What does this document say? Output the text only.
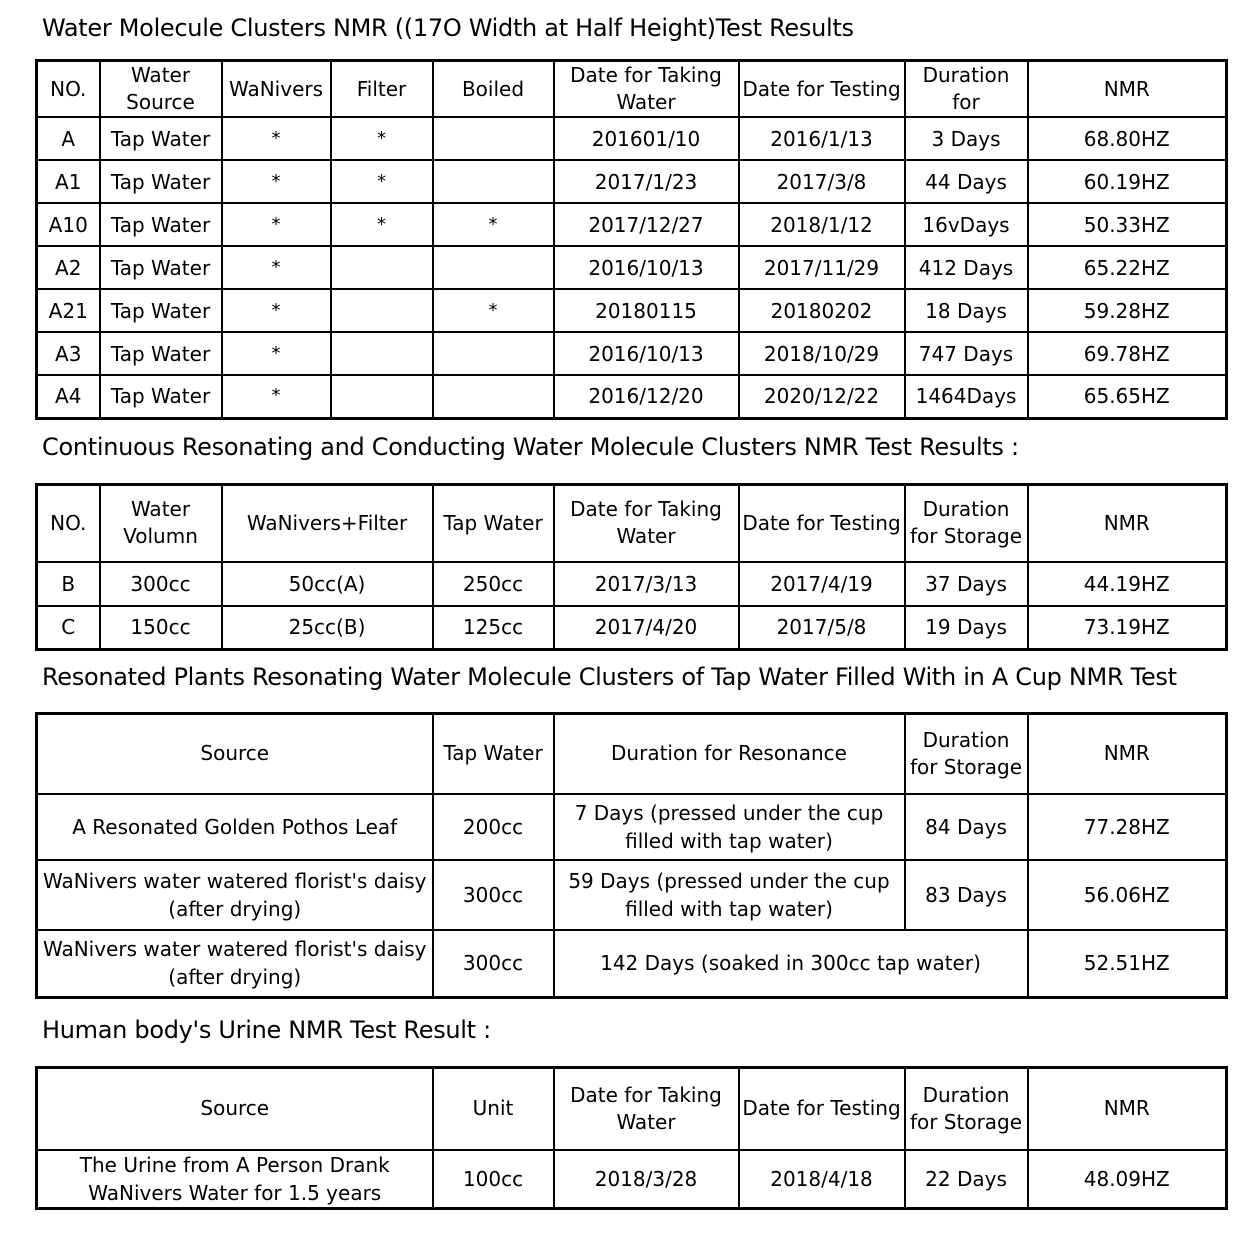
Water Molecule Clusters NMR ((17O Width at Half Height)Test Results
NO.	Water Source	WaNivers	Filter	Boiled	Date for Taking Water	Date for Testing	Duration for	NMR
A	Tap Water	*	*		201601/10	2016/1/13	3 Days	68.80HZ
A1	Tap Water	*	*		2017/1/23	2017/3/8	44 Days	60.19HZ
A10	Tap Water	*	*	*	2017/12/27	2018/1/12	16vDays	50.33HZ
A2	Tap Water	*			2016/10/13	2017/11/29	412 Days	65.22HZ
A21	Tap Water	*		*	20180115	20180202	18 Days	59.28HZ
A3	Tap Water	*			2016/10/13	2018/10/29	747 Days	69.78HZ
A4	Tap Water	*			2016/12/20	2020/12/22	1464Days	65.65HZ
Continuous Resonating and Conducting Water Molecule Clusters NMR Test Results :
NO.	Water Volumn	WaNivers+Filter	Tap Water	Date for Taking Water	Date for Testing	Duration for Storage	NMR
B	300cc	50cc(A)	250cc	2017/3/13	2017/4/19	37 Days	44.19HZ
C	150cc	25cc(B)	125cc	2017/4/20	2017/5/8	19 Days	73.19HZ
Resonated Plants Resonating Water Molecule Clusters of Tap Water Filled With in A Cup NMR Test
Source	Tap Water	Duration for Resonance	Duration for Storage	NMR
A Resonated Golden Pothos Leaf	200cc	7 Days (pressed under the cup filled with tap water)	84 Days	77.28HZ
WaNivers water watered florist's daisy (after drying)	300cc	59 Days (pressed under the cup filled with tap water)	83 Days	56.06HZ
WaNivers water watered florist's daisy (after drying)	300cc	142 Days (soaked in 300cc tap water)		52.51HZ
Human body's Urine NMR Test Result :
Source	Unit	Date for Taking Water	Date for Testing	Duration for Storage	NMR
The Urine from A Person Drank WaNivers Water for 1.5 years	100cc	2018/3/28	2018/4/18	22 Days	48.09HZ
